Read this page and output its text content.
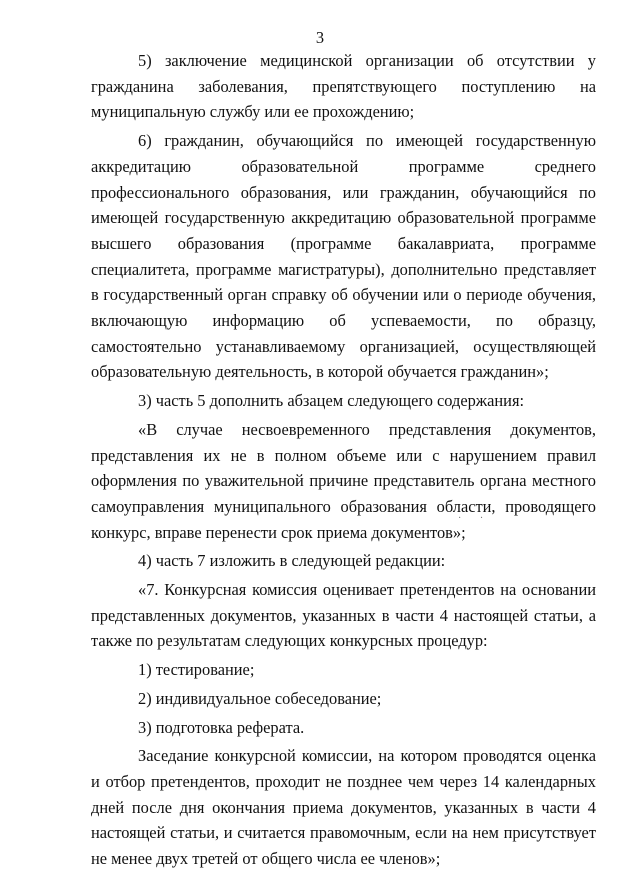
3

5) заключение медицинской организации об отсутствии у гражданина заболевания, препятствующего поступлению на муниципальную службу или ее прохождению;

6) гражданин, обучающийся по имеющей государственную аккредитацию образовательной программе среднего профессионального образования, или гражданин, обучающийся по имеющей государственную аккредитацию образовательной программе высшего образования (программе бакалавриата, программе специалитета, программе магистратуры), дополнительно представляет в государственный орган справку об обучении или о периоде обучения, включающую информацию об успеваемости, по образцу, самостоятельно устанавливаемому организацией, осуществляющей образовательную деятельность, в которой обучается гражданин»;

3) часть 5 дополнить абзацем следующего содержания:

«В случае несвоевременного представления документов, представления их не в полном объеме или с нарушением правил оформления по уважительной причине представитель органа местного самоуправления муниципального образования области, проводящего конкурс, вправе перенести срок приема документов»;

4) часть 7 изложить в следующей редакции:

«7. Конкурсная комиссия оценивает претендентов на основании представленных документов, указанных в части 4 настоящей статьи, а также по результатам следующих конкурсных процедур:

1) тестирование;

2) индивидуальное собеседование;

3) подготовка реферата.

Заседание конкурсной комиссии, на котором проводятся оценка и отбор претендентов, проходит не позднее чем через 14 календарных дней после дня окончания приема документов, указанных в части 4 настоящей статьи, и считается правомочным, если на нем присутствует не менее двух третей от общего числа ее членов»;

· ·
